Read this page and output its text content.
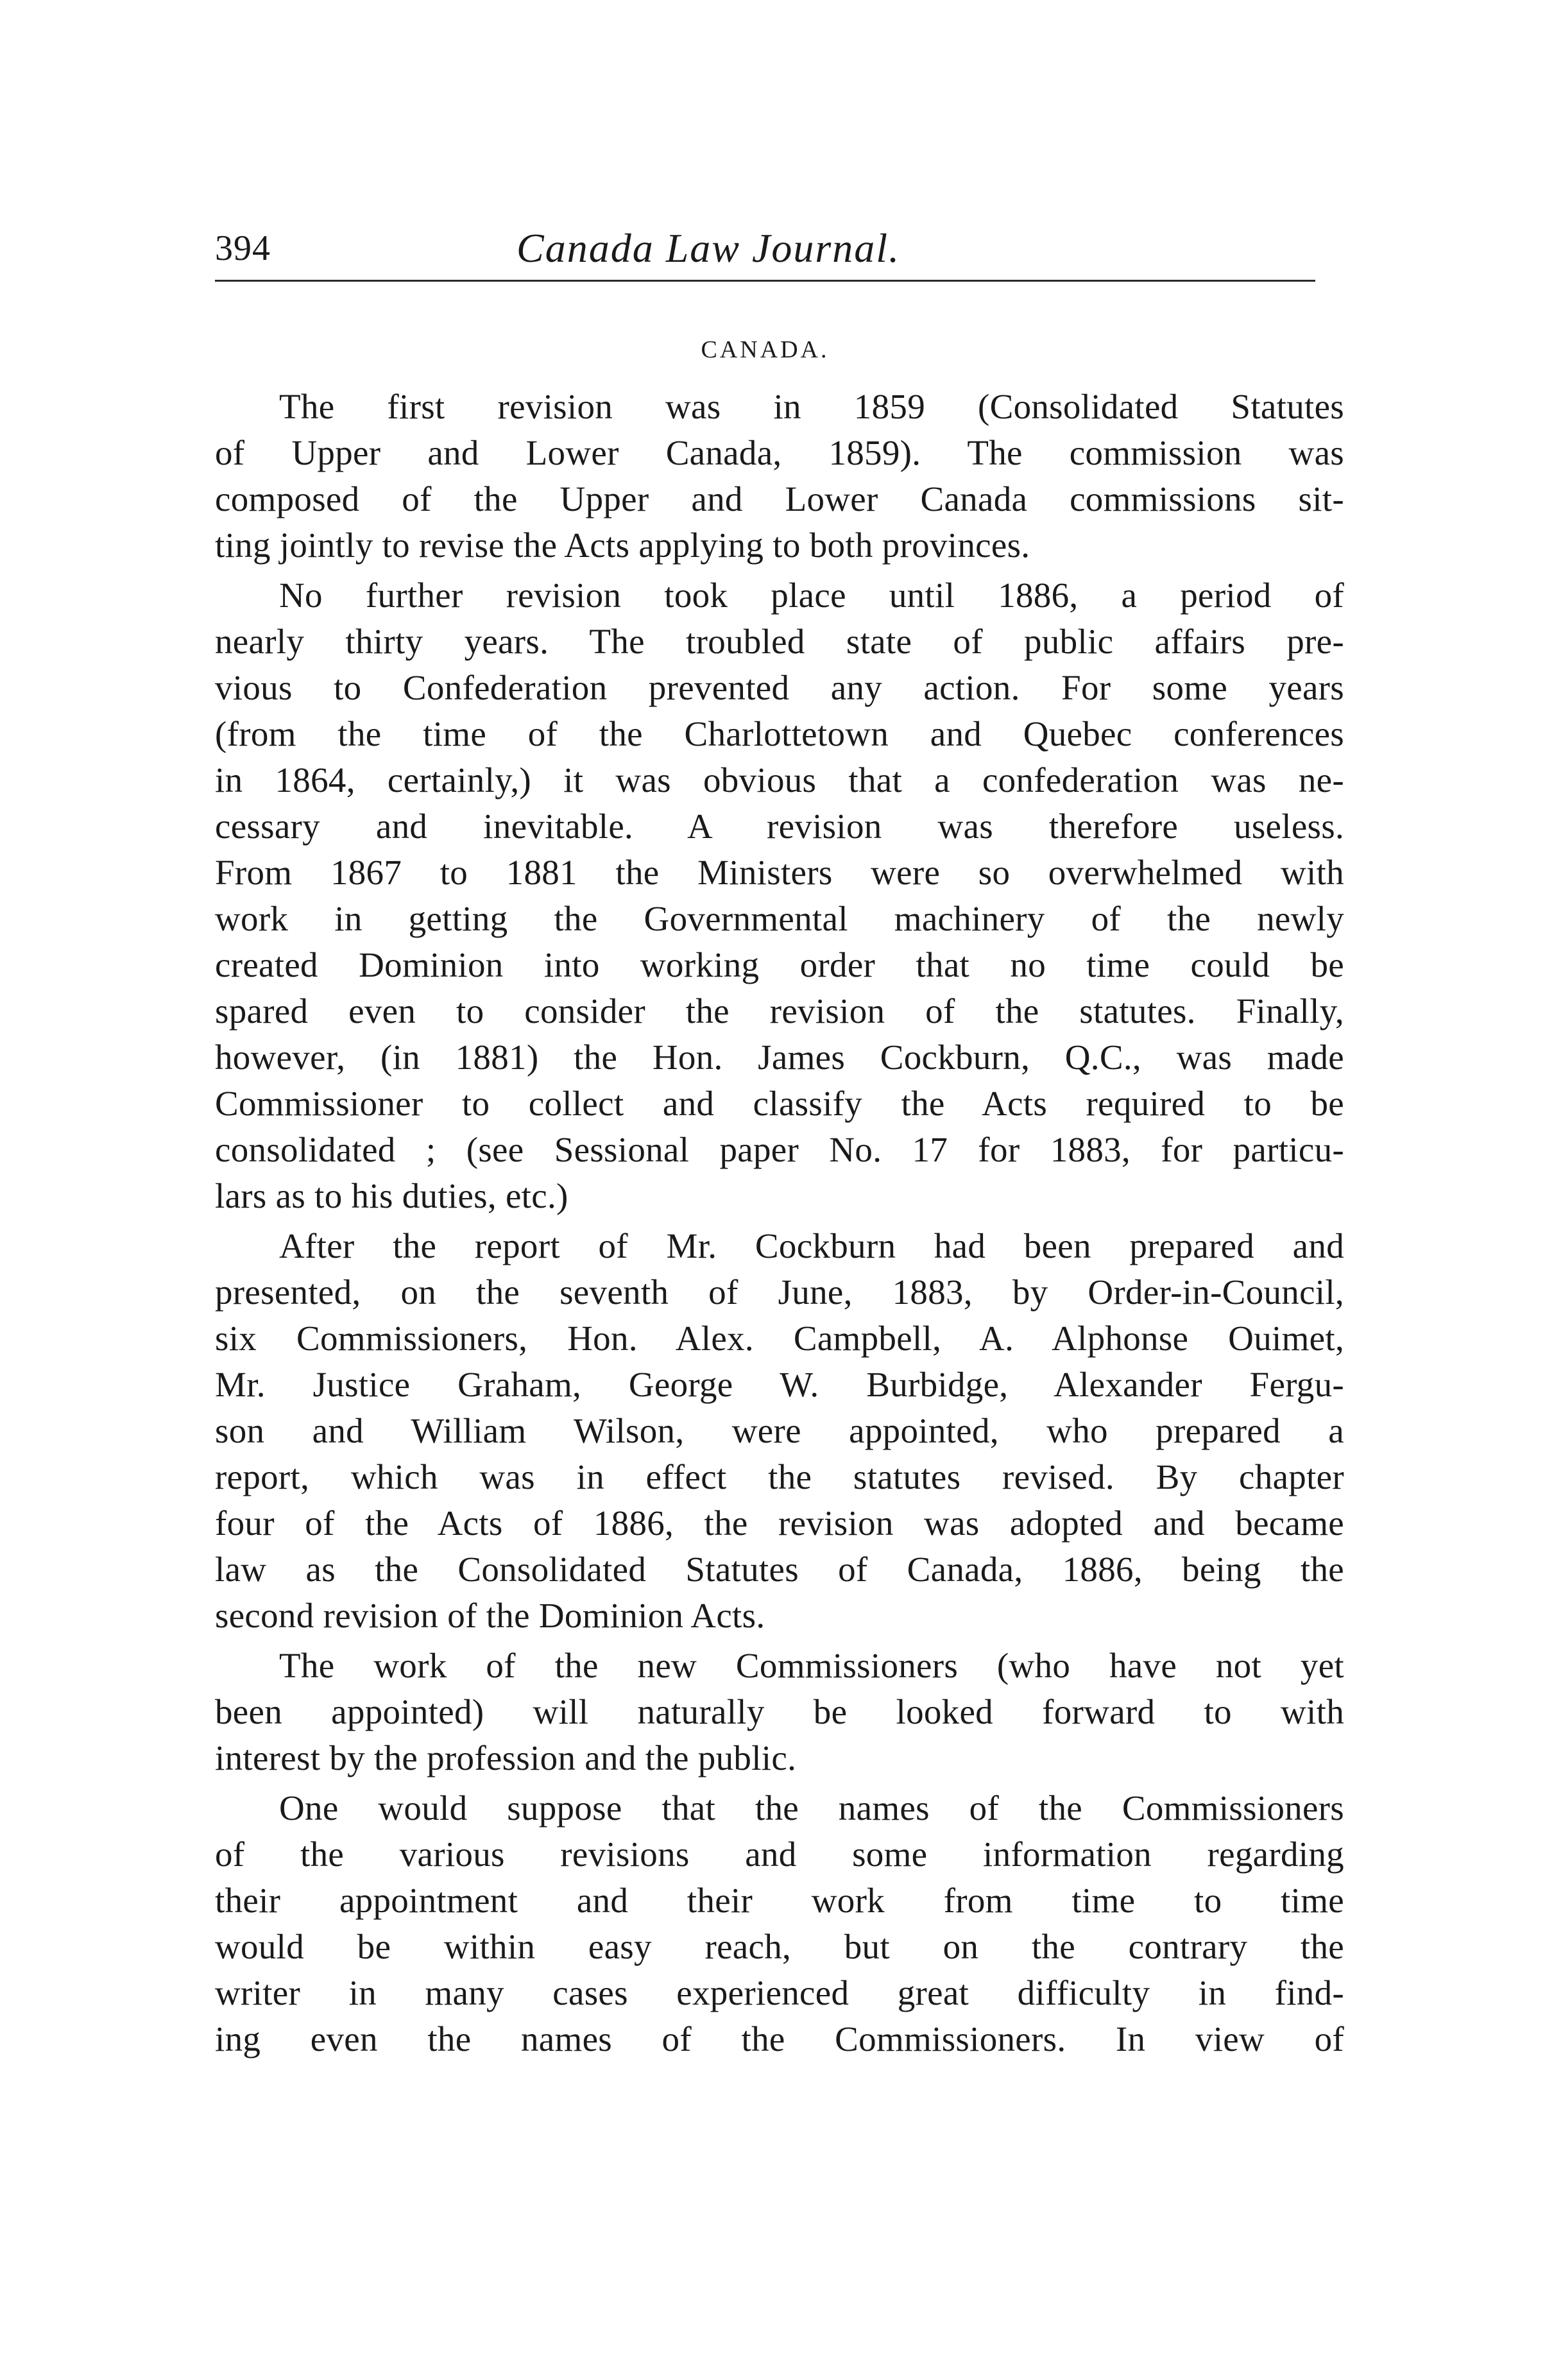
394	Canada Law Journal.
CANADA.
The first revision was in 1859 (Consolidated Statutes
of Upper and Lower Canada, 1859). The commission was
composed of the Upper and Lower Canada commissions sit-
ting jointly to revise the Acts applying to both provinces.
No further revision took place until 1886, a period of
nearly thirty years. The troubled state of public affairs pre-
vious to Confederation prevented any action. For some years
(from the time of the Charlottetown and Quebec conferences
in 1864, certainly,) it was obvious that a confederation was ne-
cessary and inevitable. A revision was therefore useless.
From 1867 to 1881 the Ministers were so overwhelmed with
work in getting the Governmental machinery of the newly
created Dominion into working order that no time could be
spared even to consider the revision of the statutes. Finally,
however, (in 1881) the Hon. James Cockburn, Q.C., was made
Commissioner to collect and classify the Acts required to be
consolidated ; (see Sessional paper No. 17 for 1883, for particu-
lars as to his duties, etc.)
After the report of Mr. Cockburn had been prepared and
presented, on the seventh of June, 1883, by Order-in-Council,
six Commissioners, Hon. Alex. Campbell, A. Alphonse Ouimet,
Mr. Justice Graham, George W. Burbidge, Alexander Fergu-
son and William Wilson, were appointed, who prepared a
report, which was in effect the statutes revised. By chapter
four of the Acts of 1886, the revision was adopted and became
law as the Consolidated Statutes of Canada, 1886, being the
second revision of the Dominion Acts.
The work of the new Commissioners (who have not yet
been appointed) will naturally be looked forward to with
interest by the profession and the public.
One would suppose that the names of the Commissioners
of the various revisions and some information regarding
their appointment and their work from time to time
would be within easy reach, but on the contrary the
writer in many cases experienced great difficulty in find-
ing even the names of the Commissioners. In view of
